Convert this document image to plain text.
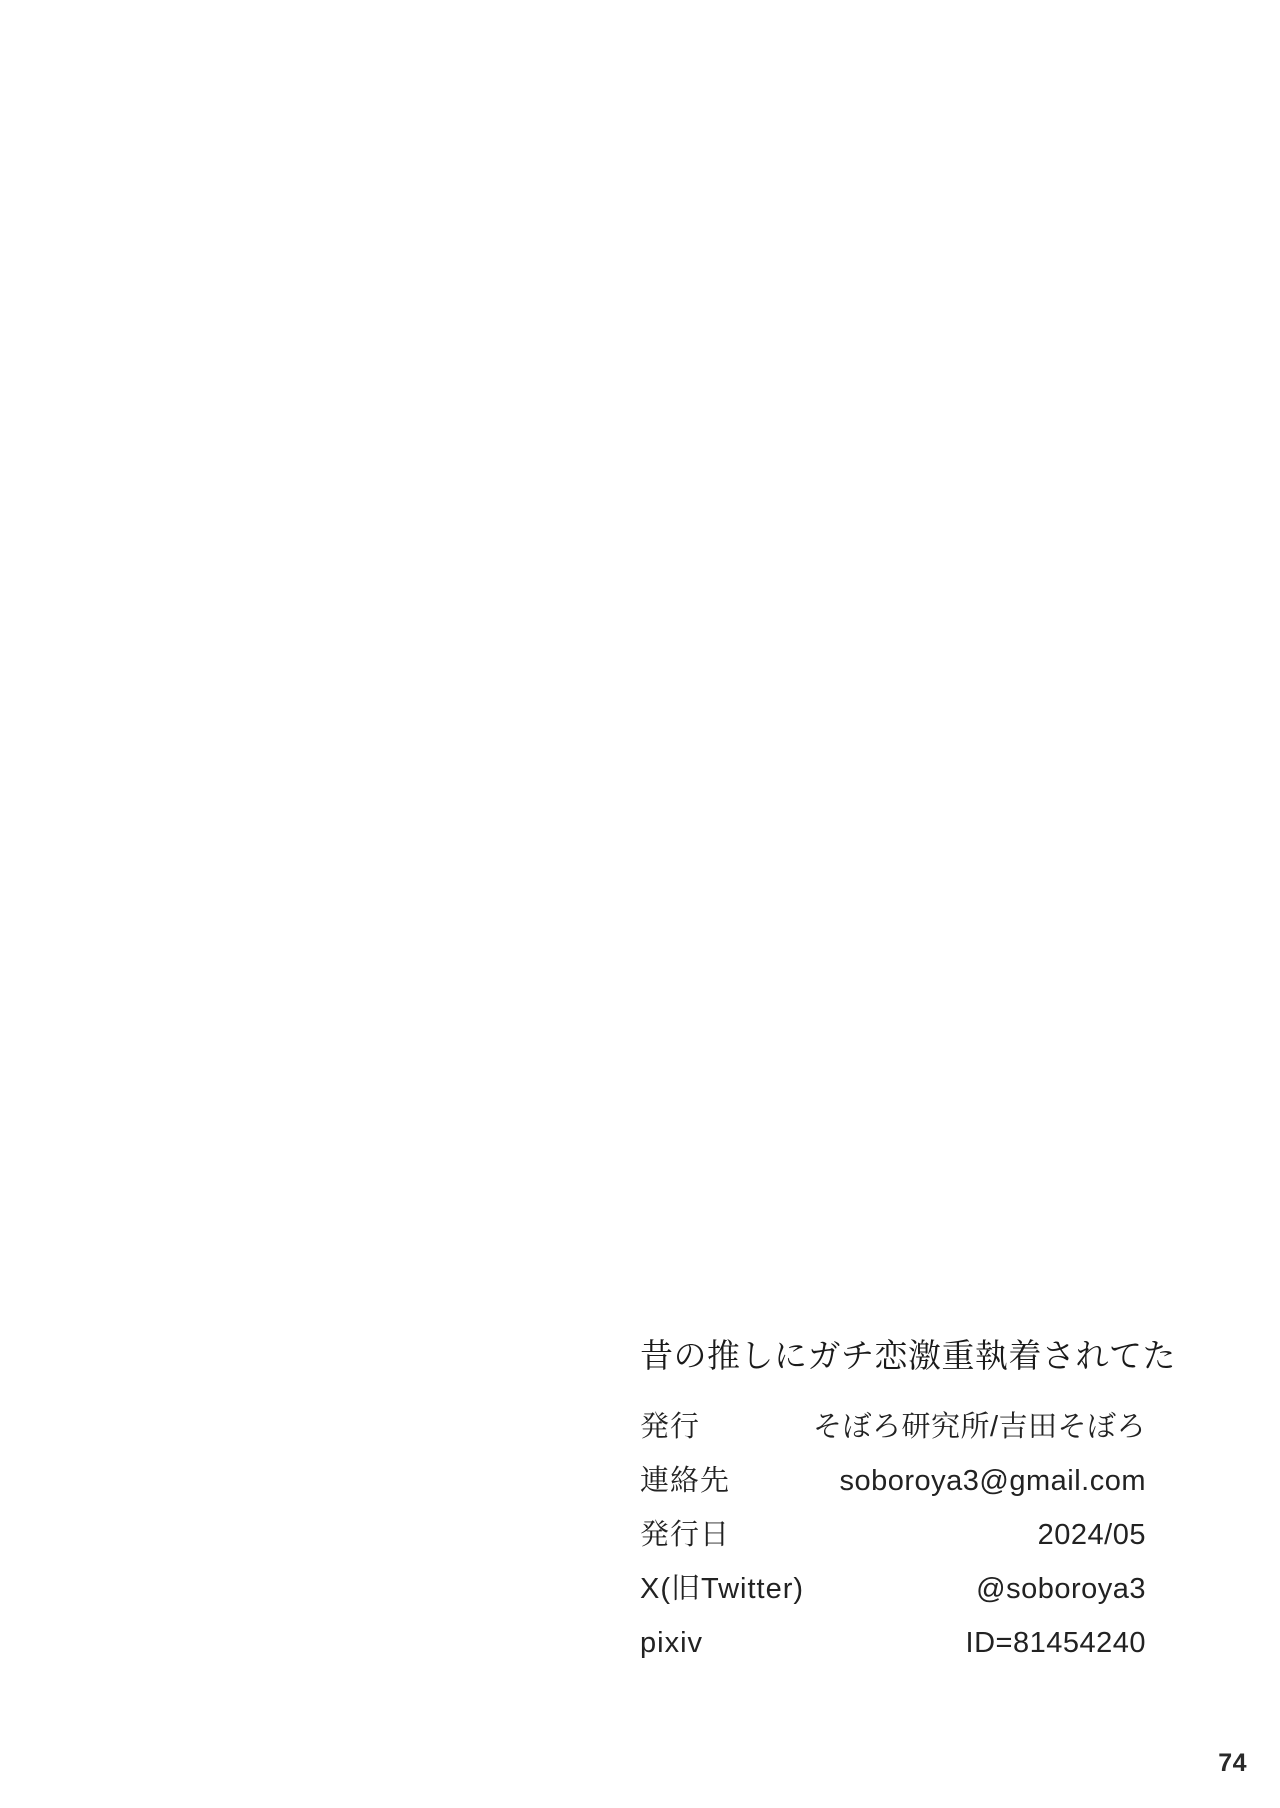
昔の推しにガチ恋激重執着されてた
発行	そぼろ研究所/吉田そぼろ
連絡先	soboroya3@gmail.com
発行日	2024/05
X(旧Twitter)	@soboroya3
pixiv	ID=81454240
74
